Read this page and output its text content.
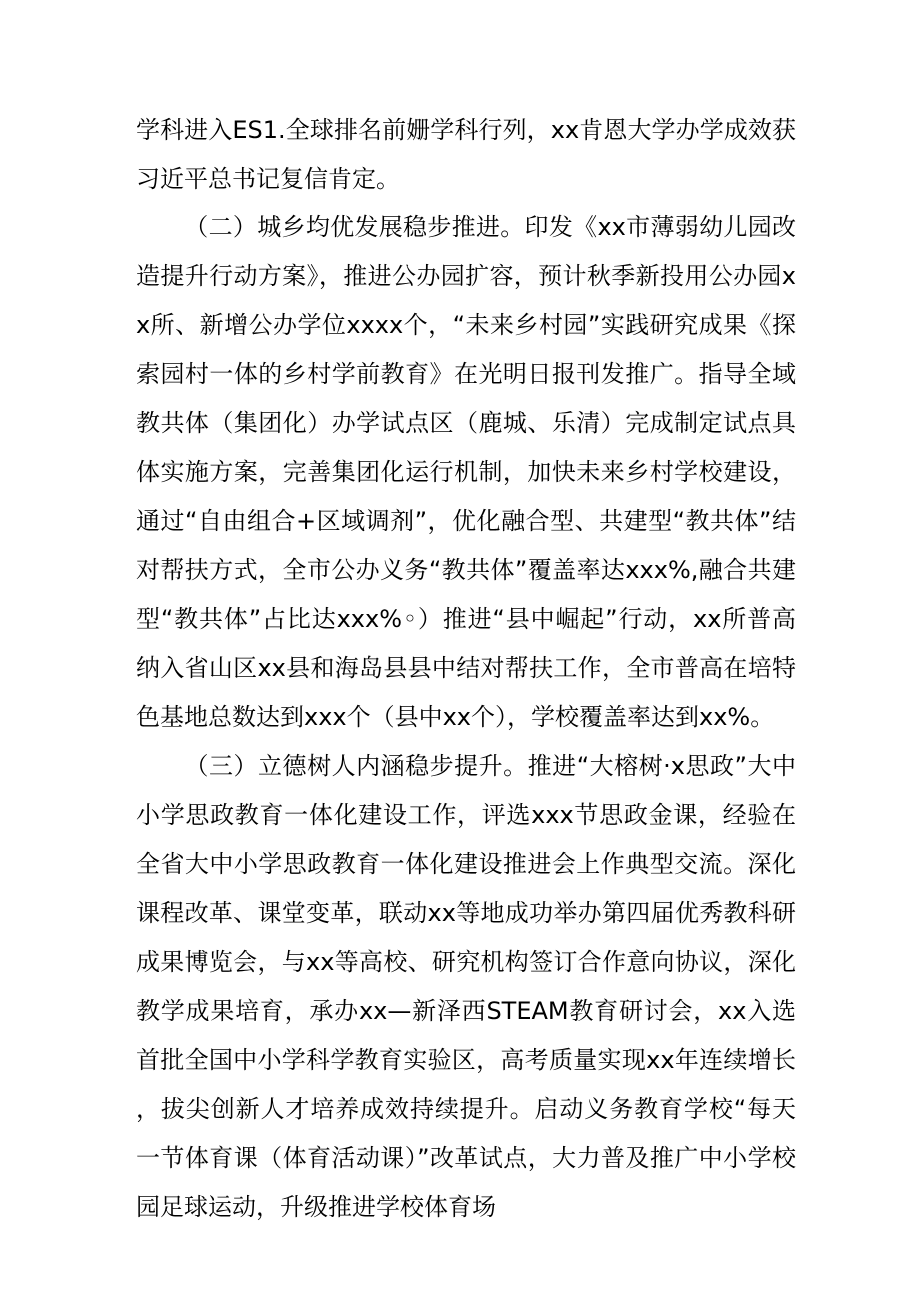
学科进入ES1.全球排名前姗学科行列，xx肯恩大学办学成效获习近平总书记复信肯定。

（二）城乡均优发展稳步推进。印发《xx市薄弱幼儿园改造提升行动方案》，推进公办园扩容，预计秋季新投用公办园xx所、新增公办学位xxxx个，“未来乡村园”实践研究成果《探索园村一体的乡村学前教育》在光明日报刊发推广。指导全域教共体（集团化）办学试点区（鹿城、乐清）完成制定试点具体实施方案，完善集团化运行机制，加快未来乡村学校建设，通过“自由组合+区域调剂”，优化融合型、共建型“教共体”结对帮扶方式，全市公办义务“教共体”覆盖率达xxx%,融合共建型“教共体”占比达xxx%◦）推进“县中崛起”行动，xx所普高纳入省山区xx县和海岛县县中结对帮扶工作，全市普高在培特色基地总数达到xxx个（县中xx个），学校覆盖率达到xx%。

（三）立德树人内涵稳步提升。推进“大榕树·x思政”大中小学思政教育一体化建设工作，评选xxx节思政金课，经验在全省大中小学思政教育一体化建设推进会上作典型交流。深化课程改革、课堂变革，联动xx等地成功举办第四届优秀教科研成果博览会，与xx等高校、研究机构签订合作意向协议，深化教学成果培育，承办xx—新泽西STEAM教育研讨会，xx入选首批全国中小学科学教育实验区，高考质量实现xx年连续增长，拔尖创新人才培养成效持续提升。启动义务教育学校“每天一节体育课（体育活动课）”改革试点，大力普及推广中小学校园足球运动，升级推进学校体育场
